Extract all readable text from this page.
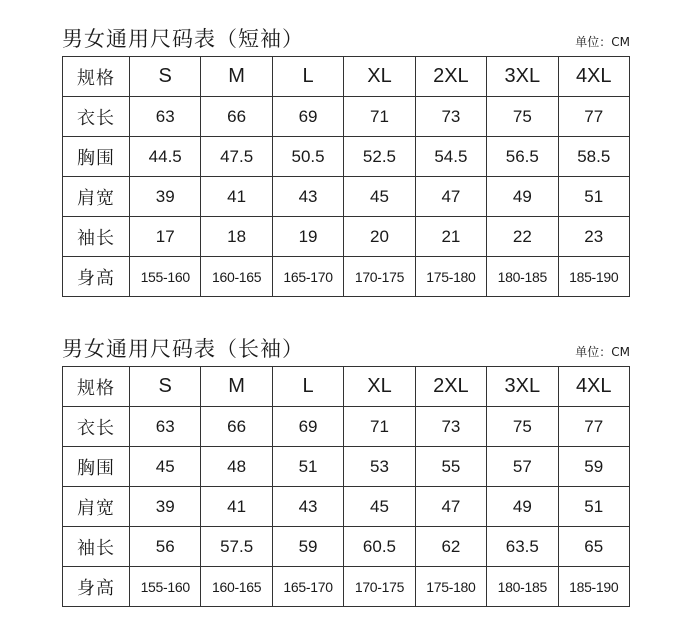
男女通用尺码表（短袖）	单位：CM
规格	S	M	L	XL	2XL	3XL	4XL
衣长	63	66	69	71	73	75	77
胸围	44.5	47.5	50.5	52.5	54.5	56.5	58.5
肩宽	39	41	43	45	47	49	51
袖长	17	18	19	20	21	22	23
身高	155-160	160-165	165-170	170-175	175-180	180-185	185-190
男女通用尺码表（长袖）	单位：CM
规格	S	M	L	XL	2XL	3XL	4XL
衣长	63	66	69	71	73	75	77
胸围	45	48	51	53	55	57	59
肩宽	39	41	43	45	47	49	51
袖长	56	57.5	59	60.5	62	63.5	65
身高	155-160	160-165	165-170	170-175	175-180	180-185	185-190
